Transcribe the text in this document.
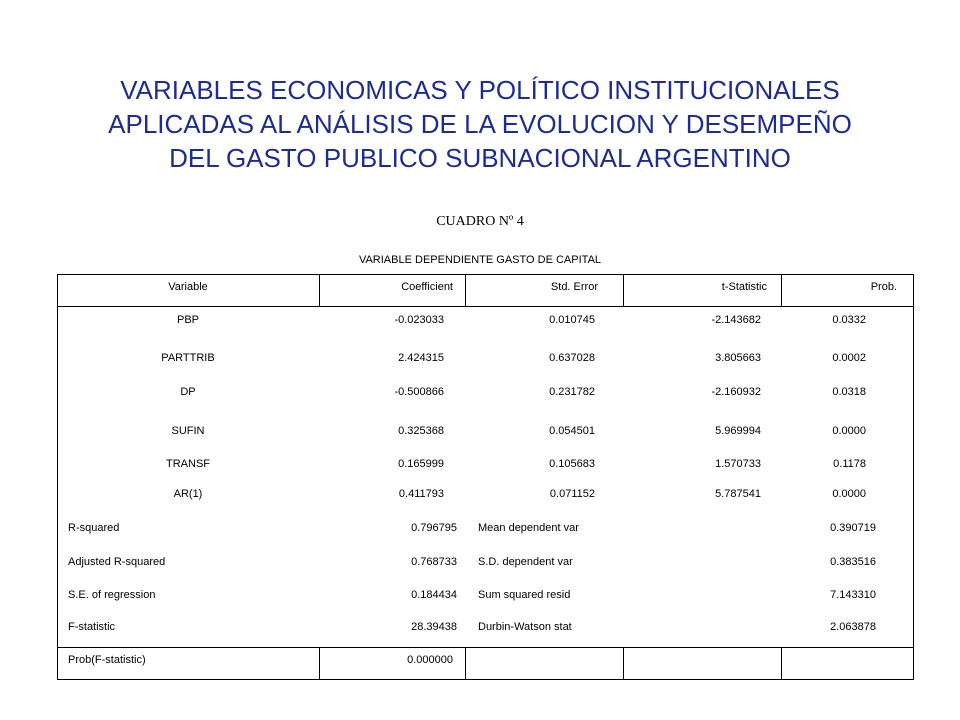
VARIABLES ECONOMICAS Y POLÍTICO INSTITUCIONALES
APLICADAS AL ANÁLISIS DE LA EVOLUCION Y DESEMPEÑO
DEL GASTO PUBLICO SUBNACIONAL ARGENTINO
CUADRO Nº 4
VARIABLE DEPENDIENTE GASTO DE CAPITAL
Variable	Coefficient	Std. Error	t-Statistic	Prob.
PBP	-0.023033	0.010745	-2.143682	0.0332
PARTTRIB	2.424315	0.637028	3.805663	0.0002
DP	-0.500866	0.231782	-2.160932	0.0318
SUFIN	0.325368	0.054501	5.969994	0.0000
TRANSF	0.165999	0.105683	1.570733	0.1178
AR(1)	0.411793	0.071152	5.787541	0.0000
R-squared	0.796795 Mean dependent var	0.390719
Adjusted R-squared	0.768733 S.D. dependent var	0.383516
S.E. of regression	0.184434 Sum squared resid	7.143310
F-statistic	28.39438 Durbin-Watson stat	2.063878
Prob(F-statistic)	0.000000
